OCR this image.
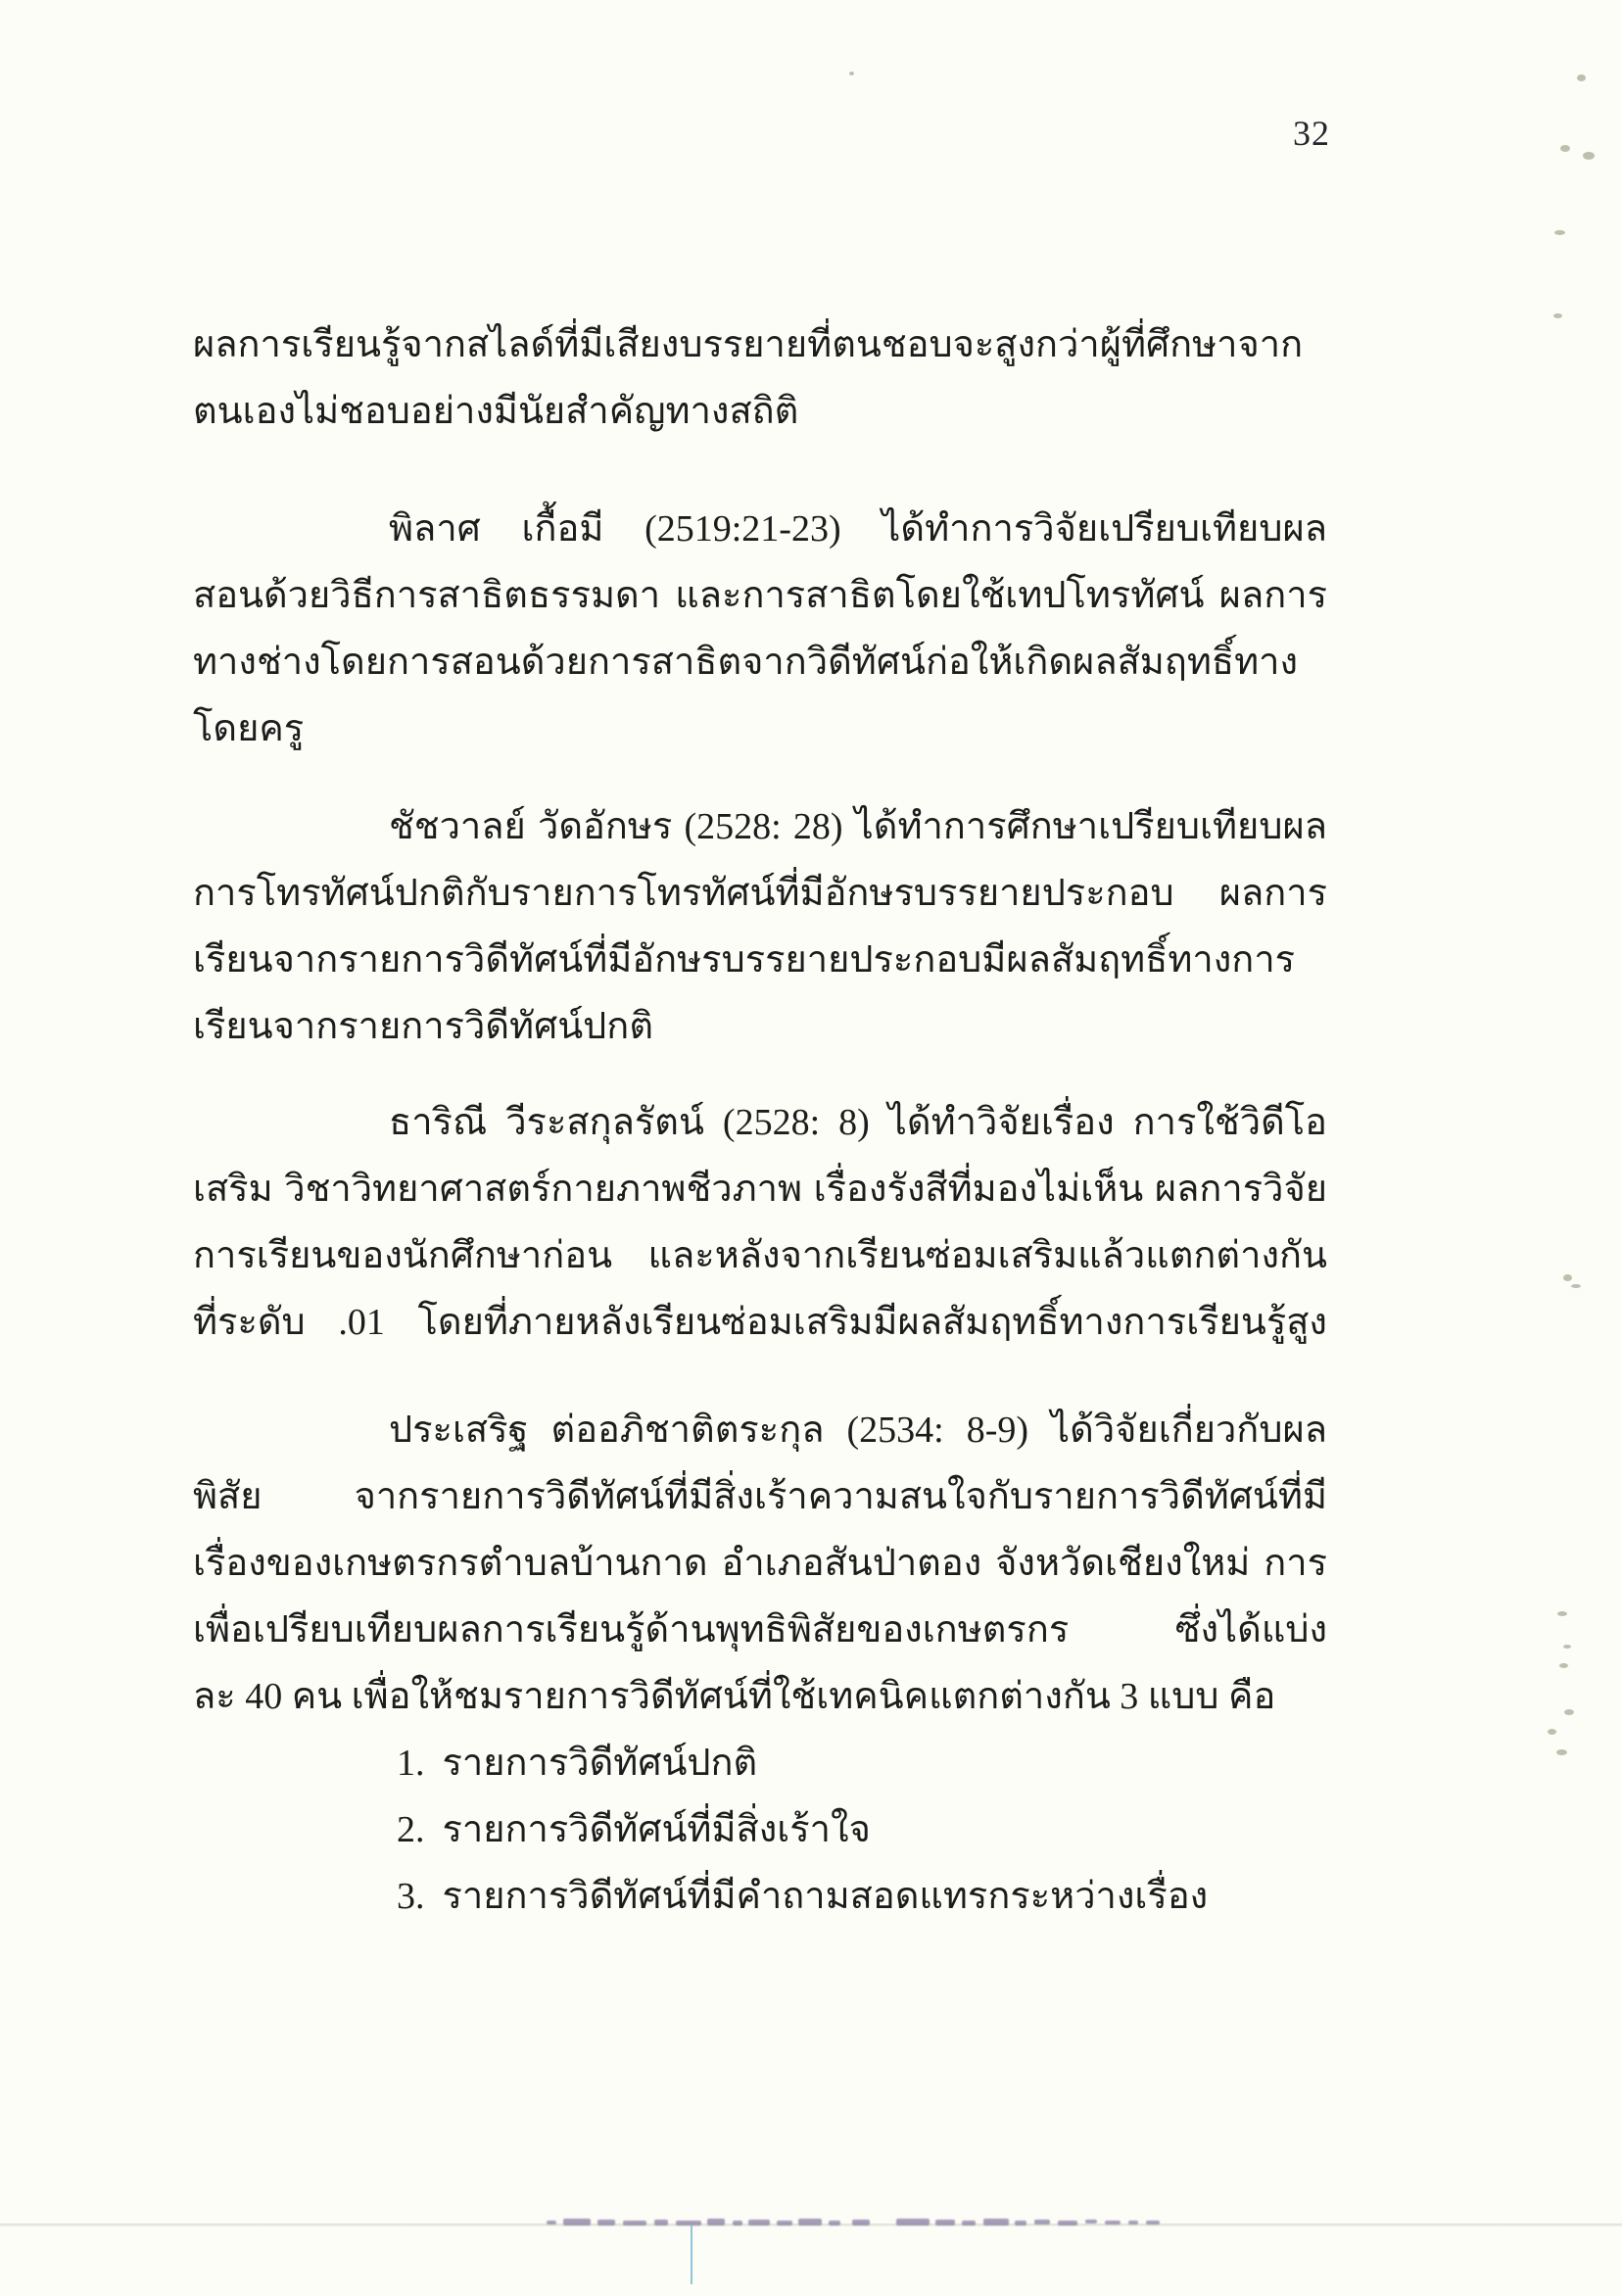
32
ผลการเรียนรู้จากสไลด์ที่มีเสียงบรรยายที่ตนชอบจะสูงกว่าผู้ที่ศึกษาจาก
ตนเองไม่ชอบอย่างมีนัยสำคัญทางสถิติ
พิลาศ เกื้อมี (2519:21-23) ได้ทำการวิจัยเปรียบเทียบผล
สอนด้วยวิธีการสาธิตธรรมดา และการสาธิตโดยใช้เทปโทรทัศน์ ผลการ
ทางช่างโดยการสอนด้วยการสาธิตจากวิดีทัศน์ก่อให้เกิดผลสัมฤทธิ์ทาง
โดยครู
ชัชวาลย์ วัดอักษร (2528: 28) ได้ทำการศึกษาเปรียบเทียบผล
การโทรทัศน์ปกติกับรายการโทรทัศน์ที่มีอักษรบรรยายประกอบ ผลการ
เรียนจากรายการวิดีทัศน์ที่มีอักษรบรรยายประกอบมีผลสัมฤทธิ์ทางการ
เรียนจากรายการวิดีทัศน์ปกติ
ธาริณี วีระสกุลรัตน์ (2528: 8) ได้ทำวิจัยเรื่อง การใช้วิดีโอ
เสริม วิชาวิทยาศาสตร์กายภาพชีวภาพ เรื่องรังสีที่มองไม่เห็น ผลการวิจัย
การเรียนของนักศึกษาก่อน และหลังจากเรียนซ่อมเสริมแล้วแตกต่างกัน
ที่ระดับ .01 โดยที่ภายหลังเรียนซ่อมเสริมมีผลสัมฤทธิ์ทางการเรียนรู้สูง
ประเสริฐ ต่ออภิชาติตระกุล (2534: 8-9) ได้วิจัยเกี่ยวกับผล
พิสัย จากรายการวิดีทัศน์ที่มีสิ่งเร้าความสนใจกับรายการวิดีทัศน์ที่มี
เรื่องของเกษตรกรตำบลบ้านกาด อำเภอสันป่าตอง จังหวัดเชียงใหม่ การ
เพื่อเปรียบเทียบผลการเรียนรู้ด้านพุทธิพิสัยของเกษตรกร ซึ่งได้แบ่ง
ละ 40 คน เพื่อให้ชมรายการวิดีทัศน์ที่ใช้เทคนิคแตกต่างกัน 3 แบบ คือ
1. รายการวิดีทัศน์ปกติ
2. รายการวิดีทัศน์ที่มีสิ่งเร้าใจ
3. รายการวิดีทัศน์ที่มีคำถามสอดแทรกระหว่างเรื่อง
